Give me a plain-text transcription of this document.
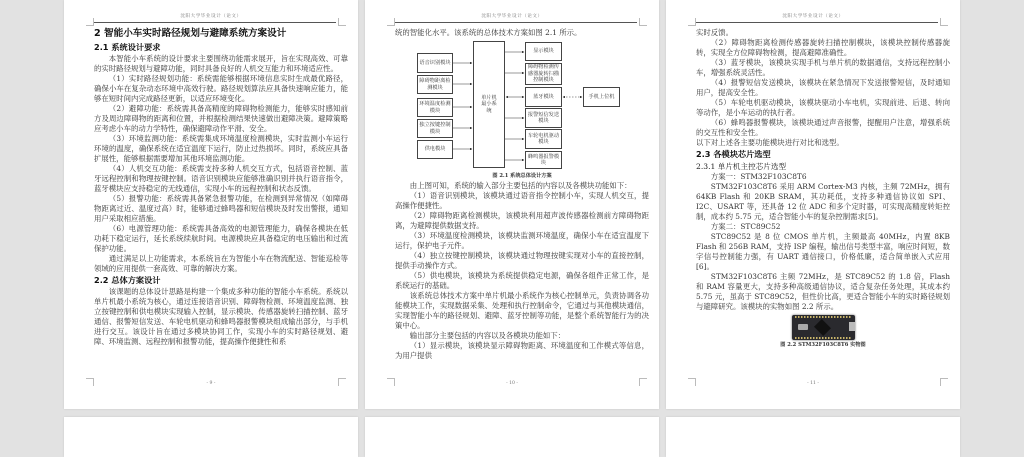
沈阳大学毕业设计（论文）
2 智能小车实时路径规划与避障系统方案设计
2.1 系统设计要求

本智能小车系统的设计要求主要围绕功能需求展开，旨在实现高效、可靠的实时路径规划与避障功能，同时具备良好的人机交互能力和环境适应性。

（1）实时路径规划功能：系统需能够根据环境信息实时生成最优路径，确保小车在复杂动态环境中高效行驶。路径规划算法应具备快速响应能力，能够在短时间内完成路径更新，以适应环境变化。

（2）避障功能：系统需具备高精度的障碍物检测能力，能够实时感知前方及周边障碍物的距离和位置，并根据检测结果快速做出避障决策。避障策略应考虑小车的动力学特性，确保避障动作平滑、安全。

（3）环境监测功能：系统需集成环境温度检测模块，实时监测小车运行环境的温度，确保系统在适宜温度下运行，防止过热损坏。同时，系统应具备扩展性，能够根据需要增加其他环境监测功能。

（4）人机交互功能：系统需支持多种人机交互方式，包括语音控制、蓝牙远程控制和物理按键控制。语音识别模块应能够准确识别并执行语音指令，蓝牙模块应支持稳定的无线通信，实现小车的远程控制和状态反馈。

（5）报警功能：系统需具备紧急报警功能，在检测到异常情况（如障碍物距离过近、温度过高）时，能够通过蜂鸣器和短信模块及时发出警报，通知用户采取相应措施。

（6）电源管理功能：系统需具备高效的电源管理能力，确保各模块在低功耗下稳定运行，延长系统续航时间。电源模块应具备稳定的电压输出和过流保护功能。

通过满足以上功能需求，本系统旨在为智能小车在物流配送、智能巡检等领域的应用提供一套高效、可靠的解决方案。

2.2 总体方案设计

该课题的总体设计思路是构建一个集成多种功能的智能小车系统。系统以单片机最小系统为核心，通过连接语音识别、障碍物检测、环境温度监测、独立按键控制和供电模块实现输入控制，显示模块、传感器旋转扫描控制、蓝牙通信、报警短信发送、车轮电机驱动和蜂鸣器报警模块组成输出部分，与手机进行交互。该设计旨在通过多模块协同工作，实现小车的实时路径规划、避障、环境监测、远程控制和报警功能，提高操作便捷性和系

- 9 -
沈阳大学毕业设计（论文）

统的智能化水平。该系统的总体技术方案如图 2.1 所示。

语音识别模块
障碍物距离检测模块
环境温度检测模块
独立按键控制模块
供电模块
单片机最小系统
显示模块
障碍物检测传感器旋转扫描控制模块
蓝牙模块
报警短信发送模块
车轮电机驱动模块
蜂鸣器报警模块
手机上位机

图 2.1 系统总体设计方案

由上图可知，系统的输入部分主要包括的内容以及各模块功能如下：

（1）语音识别模块，该模块通过语音指令控制小车，实现人机交互，提高操作便捷性。

（2）障碍物距离检测模块，该模块利用超声波传感器检测前方障碍物距离，为避障提供数据支持。

（3）环境温度检测模块，该模块监测环境温度，确保小车在适宜温度下运行，保护电子元件。

（4）独立按键控制模块，该模块通过物理按键实现对小车的直接控制，提供手动操作方式。

（5）供电模块，该模块为系统提供稳定电源，确保各组件正常工作，是系统运行的基础。

该系统总体技术方案中单片机最小系统作为核心控制单元，负责协调各功能模块工作，实现数据采集、处理和执行控制命令，它通过与其他模块通信，实现智能小车的路径规划、避障、蓝牙控制等功能，是整个系统智能行为的决策中心。

输出部分主要包括的内容以及各模块功能如下：

（1）显示模块，该模块显示障碍物距离、环境温度和工作模式等信息，为用户提供

- 10 -
沈阳大学毕业设计（论文）

实时反馈。

（2）障碍物距离检测传感器旋转扫描控制模块，该模块控制传感器旋转，实现全方位障碍物检测，提高避障准确性。

（3）蓝牙模块，该模块实现手机与单片机的数据通信，支持远程控制小车，增强系统灵活性。

（4）报警短信发送模块，该模块在紧急情况下发送报警短信，及时通知用户，提高安全性。

（5）车轮电机驱动模块，该模块驱动小车电机，实现前进、后退、转向等动作，是小车运动的执行者。

（6）蜂鸣器报警模块，该模块通过声音报警，提醒用户注意，增强系统的交互性和安全性。

以下对上述各主要功能模块进行对比和选型。

2.3 各模块芯片选型
2.3.1 单片机主控芯片选型

方案一：STM32F103C8T6

STM32F103C8T6 采用 ARM Cortex-M3 内核，主频 72MHz，拥有 64KB Flash 和 20KB SRAM，其功耗低，支持多种通信协议如 SPI、I2C、USART 等，还具备 12 位 ADC 和多个定时器，可实现高精度转矩控制，成本约 5.75 元，适合智能小车的复杂控制需求[5]。

方案二：STC89C52

STC89C52 是 8 位 CMOS 单片机，主频最高 40MHz，内置 8KB Flash 和 256B RAM，支持 ISP 编程，输出信号类型丰富，响应时间短，数字信号控制能力强，有 UART 通信接口，价格低廉，适合简单嵌入式应用[6]。

STM32F103C8T6 主频 72MHz，是 STC89C52 的 1.8 倍，Flash 和 RAM 容量更大，支持多种高级通信协议，适合复杂任务处理，其成本约 5.75 元，虽高于 STC89C52，但性价比高，更适合智能小车的实时路径规划与避障研究。该模块的实物如图 2.2 所示。

图 2.2 STM32F103C8T6 实物图

- 11 -
